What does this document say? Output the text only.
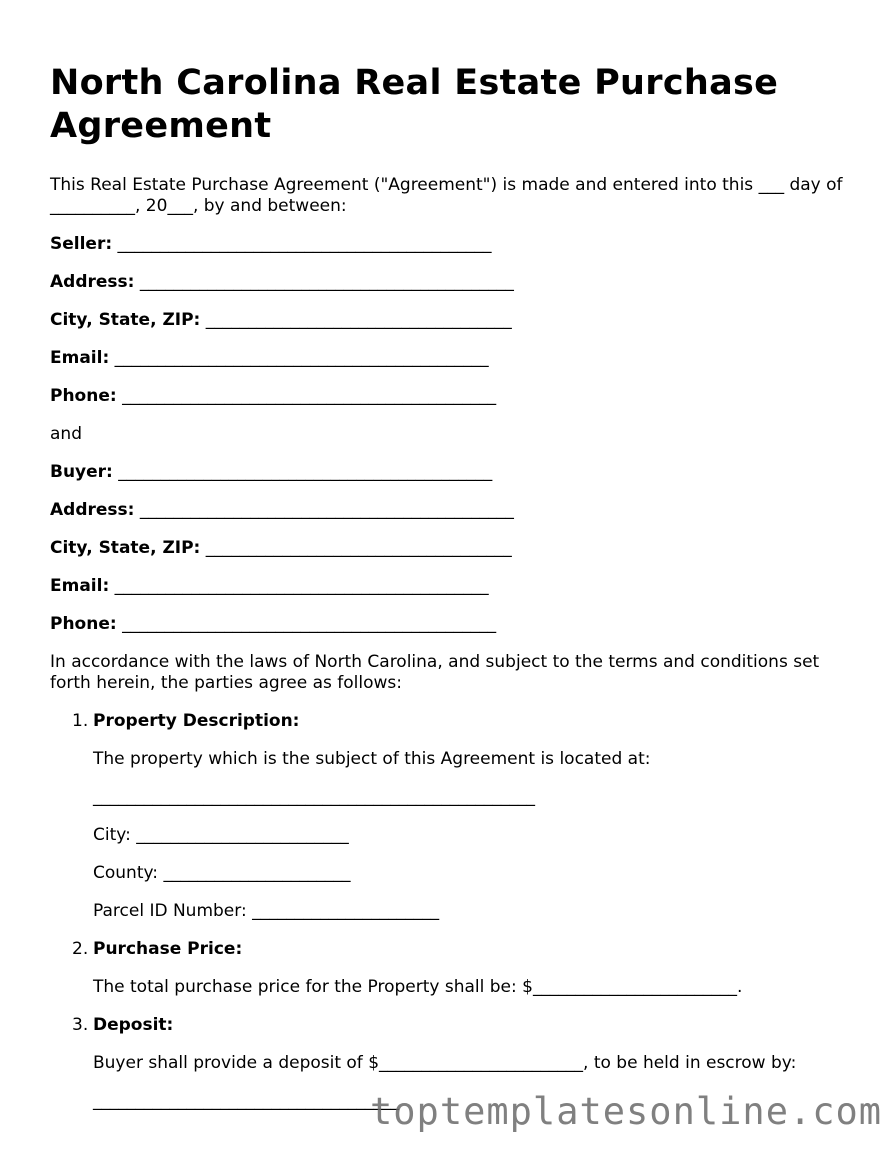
North Carolina Real Estate Purchase Agreement

This Real Estate Purchase Agreement ("Agreement") is made and entered into this ___ day of __________, 20___, by and between:

Seller: ____________________________________________

Address: ____________________________________________

City, State, ZIP: ____________________________________

Email: ____________________________________________

Phone: ____________________________________________

and

Buyer: ____________________________________________

Address: ____________________________________________

City, State, ZIP: ____________________________________

Email: ____________________________________________

Phone: ____________________________________________

In accordance with the laws of North Carolina, and subject to the terms and conditions set forth herein, the parties agree as follows:

1. Property Description:

The property which is the subject of this Agreement is located at:

____________________________________________________

City: _________________________

County: ______________________

Parcel ID Number: ______________________

2. Purchase Price:

The total purchase price for the Property shall be: $________________________.

3. Deposit:

Buyer shall provide a deposit of $________________________, to be held in escrow by:

____________________________________

toptemplatesonline.com
